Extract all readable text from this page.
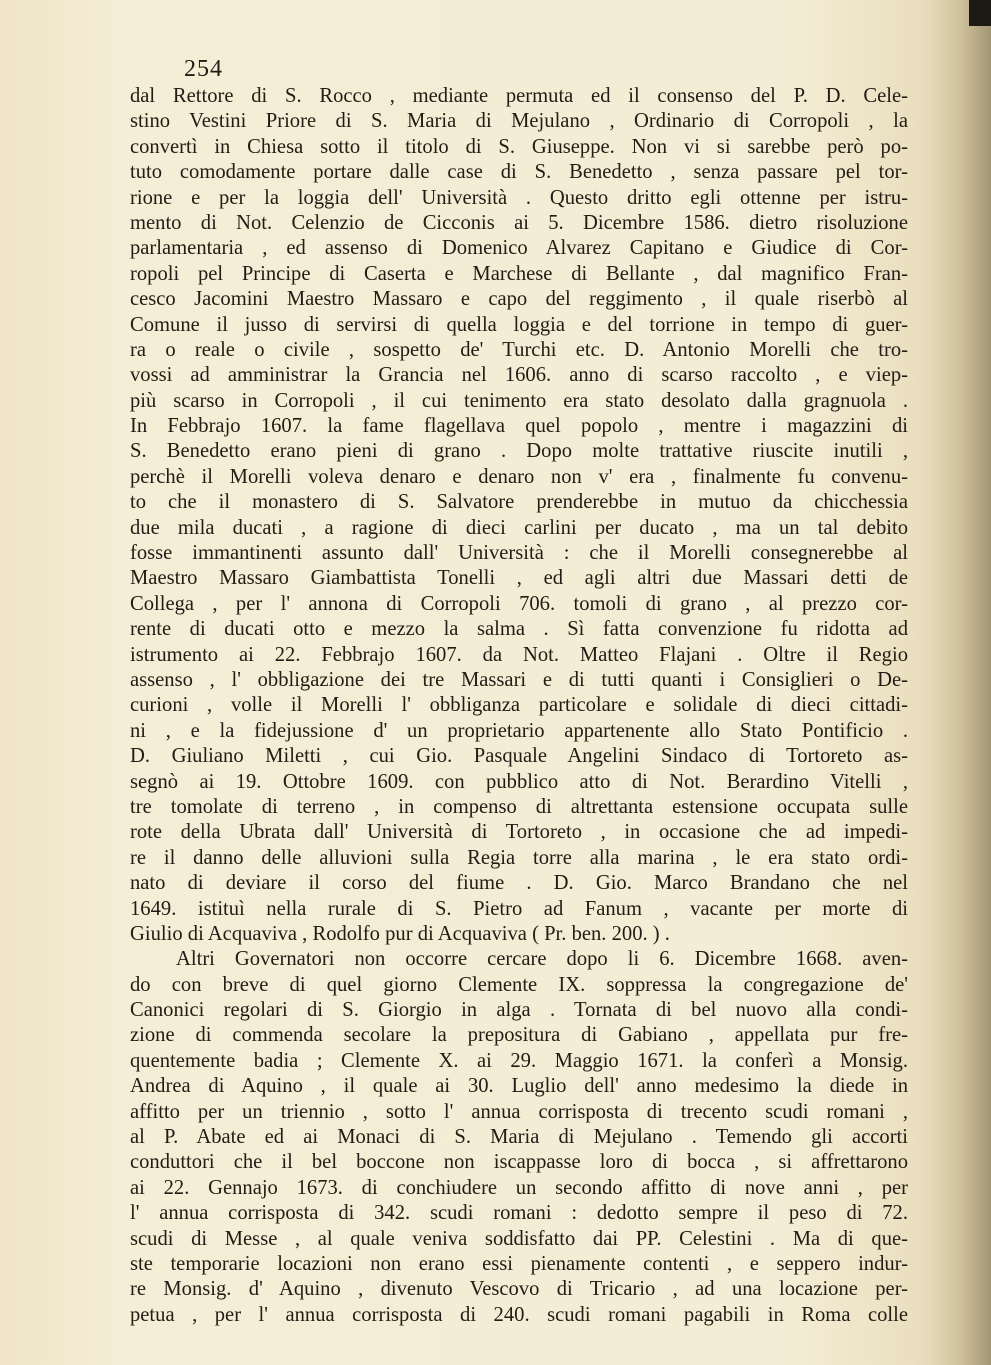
254
dal Rettore di S. Rocco , mediante permuta ed il consenso del P. D. Cele-
stino Vestini Priore di S. Maria di Mejulano , Ordinario di Corropoli , la
convertì in Chiesa sotto il titolo di S. Giuseppe. Non vi si sarebbe però po-
tuto comodamente portare dalle case di S. Benedetto , senza passare pel tor-
rione e per la loggia dell' Università . Questo dritto egli ottenne per istru-
mento di Not. Celenzio de Cicconis ai 5. Dicembre 1586. dietro risoluzione
parlamentaria , ed assenso di Domenico Alvarez Capitano e Giudice di Cor-
ropoli pel Principe di Caserta e Marchese di Bellante , dal magnifico Fran-
cesco Jacomini Maestro Massaro e capo del reggimento , il quale riserbò al
Comune il jusso di servirsi di quella loggia e del torrione in tempo di guer-
ra o reale o civile , sospetto de' Turchi etc. D. Antonio Morelli che tro-
vossi ad amministrar la Grancia nel 1606. anno di scarso raccolto , e viep-
più scarso in Corropoli , il cui tenimento era stato desolato dalla gragnuola .
In Febbrajo 1607. la fame flagellava quel popolo , mentre i magazzini di
S. Benedetto erano pieni di grano . Dopo molte trattative riuscite inutili ,
perchè il Morelli voleva denaro e denaro non v' era , finalmente fu convenu-
to che il monastero di S. Salvatore prenderebbe in mutuo da chicchessia
due mila ducati , a ragione di dieci carlini per ducato , ma un tal debito
fosse immantinenti assunto dall' Università : che il Morelli consegnerebbe al
Maestro Massaro Giambattista Tonelli , ed agli altri due Massari detti de
Collega , per l' annona di Corropoli 706. tomoli di grano , al prezzo cor-
rente di ducati otto e mezzo la salma . Sì fatta convenzione fu ridotta ad
istrumento ai 22. Febbrajo 1607. da Not. Matteo Flajani . Oltre il Regio
assenso , l' obbligazione dei tre Massari e di tutti quanti i Consiglieri o De-
curioni , volle il Morelli l' obbliganza particolare e solidale di dieci cittadi-
ni , e la fidejussione d' un proprietario appartenente allo Stato Pontificio .
D. Giuliano Miletti , cui Gio. Pasquale Angelini Sindaco di Tortoreto as-
segnò ai 19. Ottobre 1609. con pubblico atto di Not. Berardino Vitelli ,
tre tomolate di terreno , in compenso di altrettanta estensione occupata sulle
rote della Ubrata dall' Università di Tortoreto , in occasione che ad impedi-
re il danno delle alluvioni sulla Regia torre alla marina , le era stato ordi-
nato di deviare il corso del fiume . D. Gio. Marco Brandano che nel
1649. istituì nella rurale di S. Pietro ad Fanum , vacante per morte di
Giulio di Acquaviva , Rodolfo pur di Acquaviva ( Pr. ben. 200. ) .
Altri Governatori non occorre cercare dopo li 6. Dicembre 1668. aven-
do con breve di quel giorno Clemente IX. soppressa la congregazione de'
Canonici regolari di S. Giorgio in alga . Tornata di bel nuovo alla condi-
zione di commenda secolare la prepositura di Gabiano , appellata pur fre-
quentemente badia ; Clemente X. ai 29. Maggio 1671. la conferì a Monsig.
Andrea di Aquino , il quale ai 30. Luglio dell' anno medesimo la diede in
affitto per un triennio , sotto l' annua corrisposta di trecento scudi romani ,
al P. Abate ed ai Monaci di S. Maria di Mejulano . Temendo gli accorti
conduttori che il bel boccone non iscappasse loro di bocca , si affrettarono
ai 22. Gennajo 1673. di conchiudere un secondo affitto di nove anni , per
l' annua corrisposta di 342. scudi romani : dedotto sempre il peso di 72.
scudi di Messe , al quale veniva soddisfatto dai PP. Celestini . Ma di que-
ste temporarie locazioni non erano essi pienamente contenti , e seppero indur-
re Monsig. d' Aquino , divenuto Vescovo di Tricario , ad una locazione per-
petua , per l' annua corrisposta di 240. scudi romani pagabili in Roma colle
